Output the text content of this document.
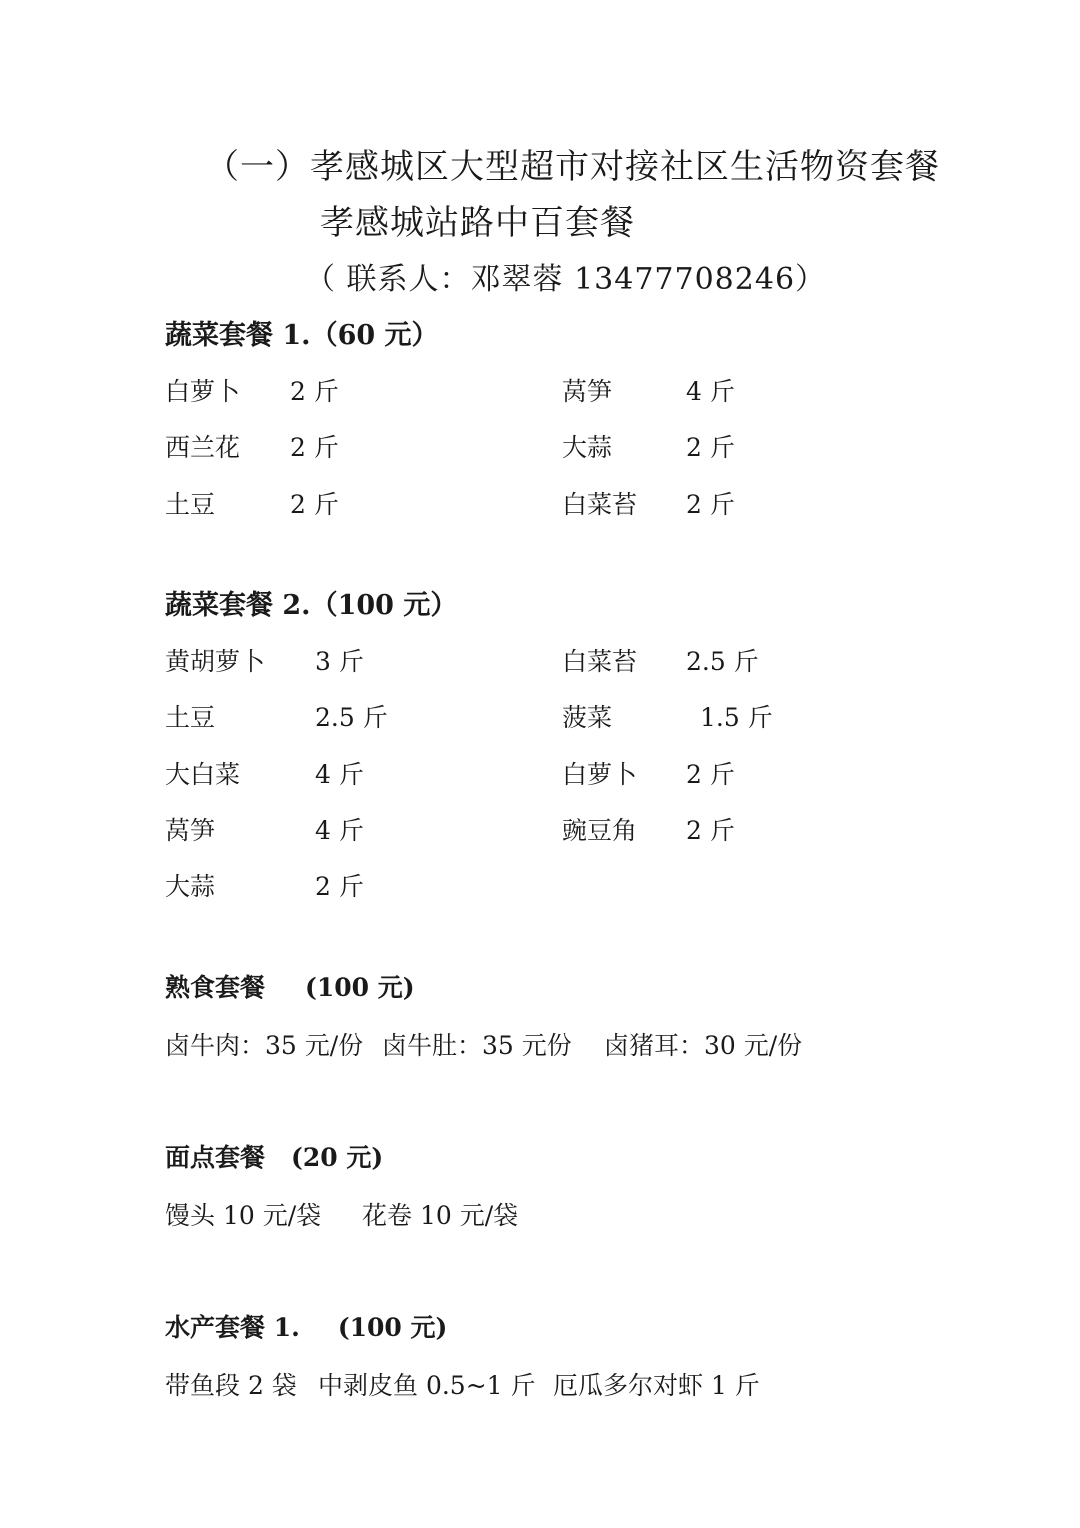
（一）孝感城区大型超市对接社区生活物资套餐
孝感城站路中百套餐
（ 联系人：邓翠蓉 13477708246）
蔬菜套餐 1.（60 元）
白萝卜 2 斤	莴笋	4 斤
西兰花 2 斤	大蒜	2 斤
土豆	2 斤	白菜苔 2 斤
蔬菜套餐 2.（100 元）
黄胡萝卜 3 斤	白菜苔 2.5 斤
土豆	2.5 斤	菠菜	1.5 斤
大白菜	4 斤	白萝卜 2 斤
莴笋	4 斤	豌豆角 2 斤
大蒜	2 斤
熟食套餐 (100 元)
卤牛肉：35 元/份 卤牛肚：35 元份 卤猪耳：30 元/份
面点套餐 (20 元)
馒头 10 元/袋 花卷 10 元/袋
水产套餐 1. (100 元)
带鱼段 2 袋 中剥皮鱼 0.5~1 斤 厄瓜多尔对虾 1 斤
